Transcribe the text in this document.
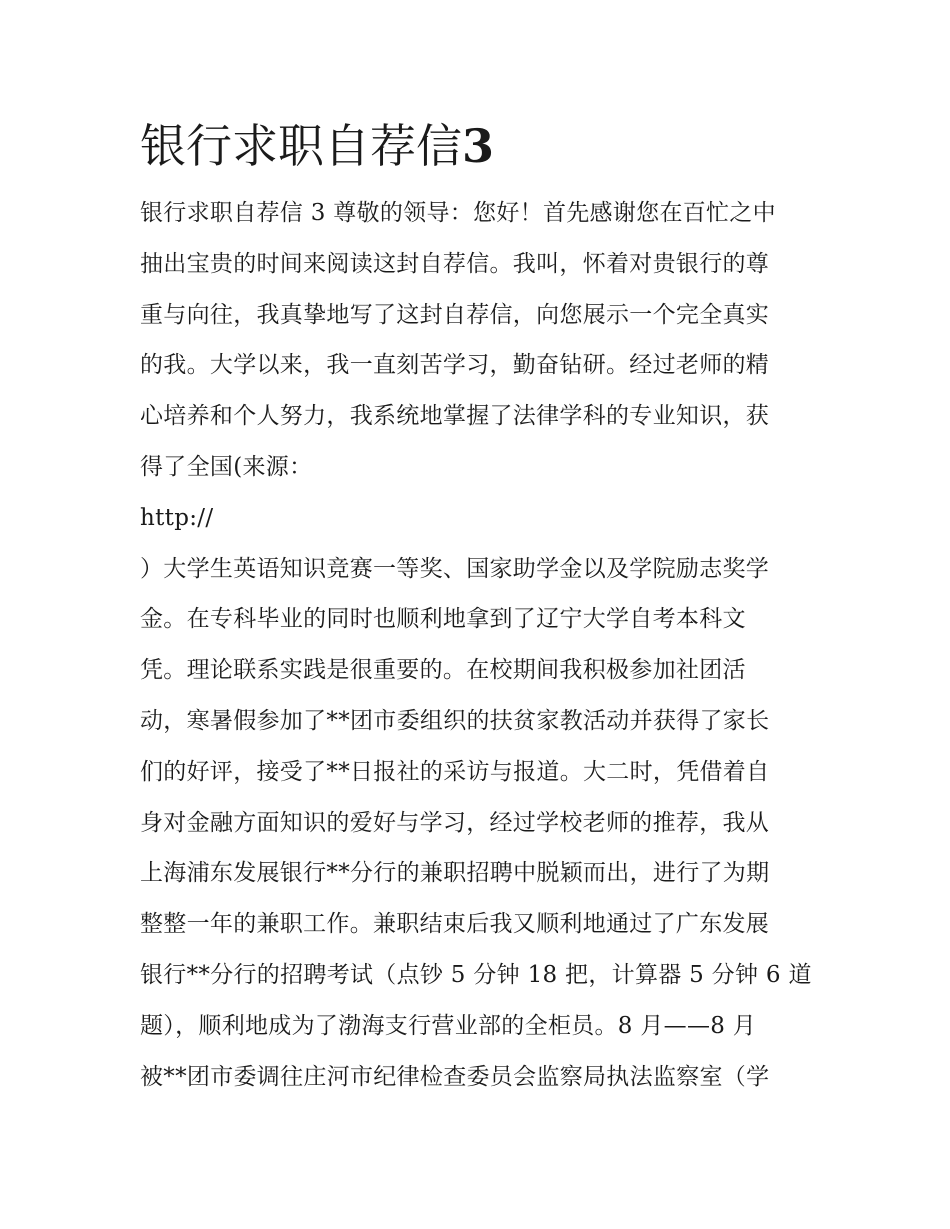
银行求职自荐信3
银行求职自荐信 3 尊敬的领导：您好！首先感谢您在百忙之中
抽出宝贵的时间来阅读这封自荐信。我叫，怀着对贵银行的尊
重与向往，我真挚地写了这封自荐信，向您展示一个完全真实
的我。大学以来，我一直刻苦学习，勤奋钻研。经过老师的精
心培养和个人努力，我系统地掌握了法律学科的专业知识，获
得了全国(来源：
http://
）大学生英语知识竞赛一等奖、国家助学金以及学院励志奖学
金。在专科毕业的同时也顺利地拿到了辽宁大学自考本科文
凭。理论联系实践是很重要的。在校期间我积极参加社团活
动，寒暑假参加了**团市委组织的扶贫家教活动并获得了家长
们的好评，接受了**日报社的采访与报道。大二时，凭借着自
身对金融方面知识的爱好与学习，经过学校老师的推荐，我从
上海浦东发展银行**分行的兼职招聘中脱颖而出，进行了为期
整整一年的兼职工作。兼职结束后我又顺利地通过了广东发展
银行**分行的招聘考试（点钞 5 分钟 18 把，计算器 5 分钟 6 道
题），顺利地成为了渤海支行营业部的全柜员。8 月——8 月
被**团市委调往庄河市纪律检查委员会监察局执法监察室（学
